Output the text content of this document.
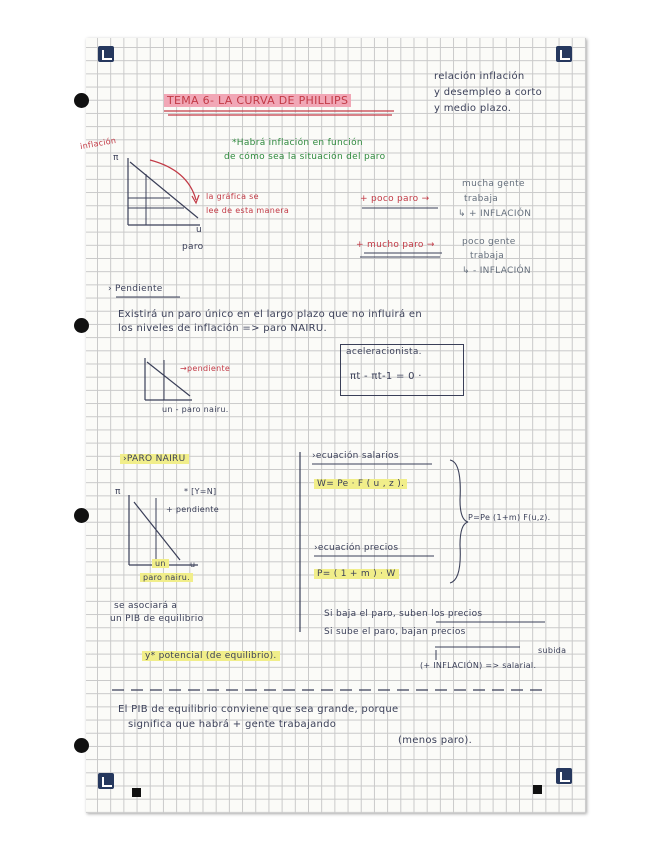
TEMA 6- LA CURVA DE PHILLIPS
relación inflación
y desempleo a corto
y medio plazo.
inflación
π
u
paro
la gráfica se
lee de esta manera
*Habrá inflación en función
de cómo sea la situación del paro
+ poco paro →
mucha gente
trabaja
↳ + INFLACIÓN
+ mucho paro →	poco gente
trabaja
↳ - INFLACIÓN
› Pendiente
Existirá un paro único en el largo plazo que no influirá en
los niveles de inflación => paro NAIRU.
→pendiente
un - paro nairu.
aceleracionista.
πt - πt-1 = 0 ·
›PARO NAIRU
* [Y=N]
+ pendiente
π
un	u
paro nairu.
se asociará a
un PIB de equilibrio
y* potencial (de equilibrio).
›ecuación salarios
W= Pe · F ( u , z ).
›ecuación precios
P= ( 1 + m ) · W
P=Pe (1+m) F(u,z).
Si baja el paro, suben los precios
Si sube el paro, bajan precios
subida
(+ INFLACIÓN) => salarial.
El PIB de equilibrio conviene que sea grande, porque
significa que habrá + gente trabajando
(menos paro).
